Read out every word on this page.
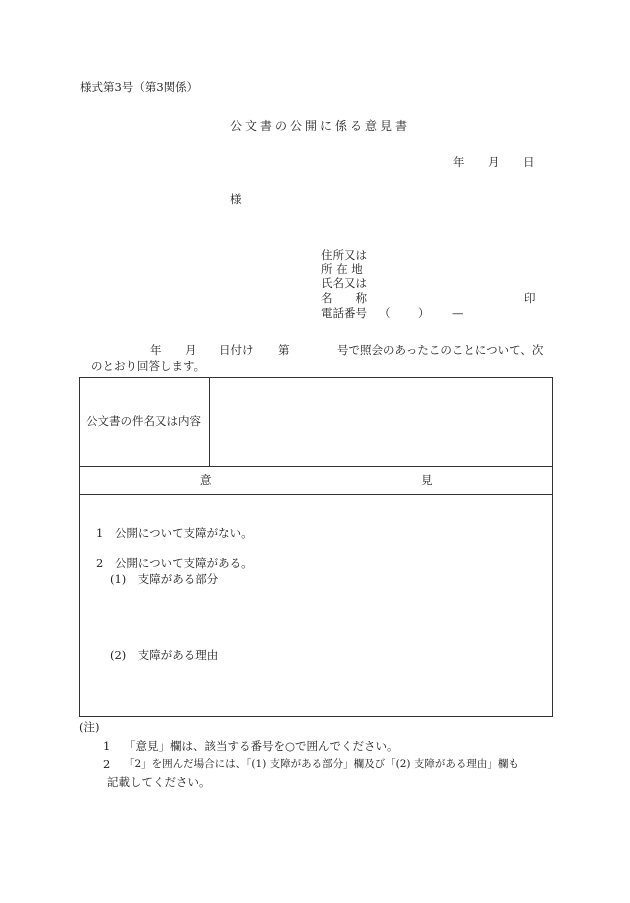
様式第3号（第3関係）
公文書の公開に係る意見書
年 月 日
様
住所又は
所 在 地
氏名又は
名　　称	印
電話番号 （ ） —
年 月 日付け 第	号で照会のあったこのことについて、次
のとおり回答します。
公文書の件名又は内容
意	見
1　公開について支障がない。
2　公開について支障がある。
(1)　支障がある部分
(2)　支障がある理由
(注)
1 「意見」欄は、該当する番号を○で囲んでください。
2 「2」を囲んだ場合には、「(1) 支障がある部分」欄及び「(2) 支障がある理由」欄も
記載してください。
